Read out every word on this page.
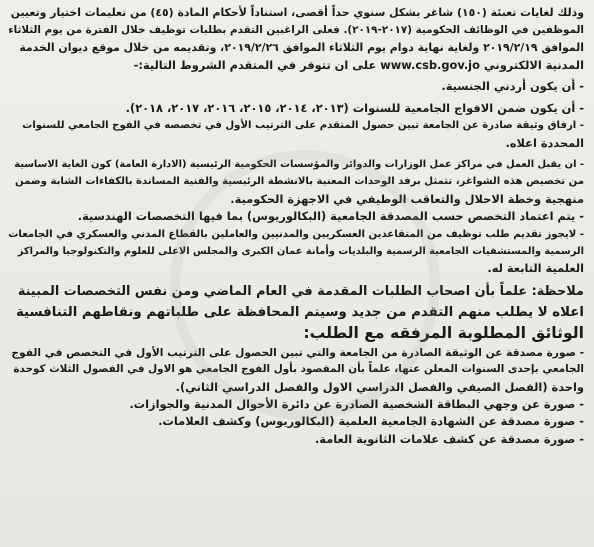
وذلك لغايات تعبئة (١٥٠) شاغر بشكل سنوي حداً أقصى، استناداً لأحكام المادة (٤٥) من تعليمات اختيار وتعيين
الموظفين في الوظائف الحكومية (٢٠١٧-٢٠١٩). فعلى الراغبين التقدم بطلبات توظيف خلال الفترة من يوم الثلاثاء
الموافق ٢٠١٩/٢/١٩ ولغاية نهاية دوام يوم الثلاثاء الموافق ٢٠١٩/٢/٢٦، وتقديمه من خلال موقع ديوان الخدمة
المدنية الالكتروني www.csb.gov.jo على ان تتوفر في المتقدم الشروط التالية:-
- أن يكون أردني الجنسية.
- أن يكون ضمن الافواج الجامعية للسنوات (٢٠١٣، ٢٠١٤، ٢٠١٥، ٢٠١٦، ٢٠١٧، ٢٠١٨).
- ارفاق وثيقة صادرة عن الجامعة تبين حصول المتقدم على الترتيب الأول في تخصصه في الفوج الجامعي للسنوات
المحددة اعلاه.
- ان يقبل العمل في مراكز عمل الوزارات والدوائر والمؤسسات الحكومية الرئيسية (الادارة العامة) كون الغاية الاساسية
من تخصيص هذه الشواغر، تتمثل برفد الوحدات المعنية بالانشطة الرئيسية والفنية المساندة بالكفاءات الشابة وضمن
منهجية وخطة الاحلال والتعاقب الوظيفي في الاجهزة الحكومية.
- يتم اعتماد التخصص حسب المصدقة الجامعية (البكالوريوس) بما فيها التخصصات الهندسية.
- لايجوز تقديم طلب توظيف من المتقاعدين العسكريين والمدنيين والعاملين بالقطاع المدني والعسكري في الجامعات
الرسمية والمستشفيات الجامعية الرسمية والبلديات وأمانة عمان الكبرى والمجلس الاعلى للعلوم والتكنولوجيا والمراكز
العلمية التابعة له.
ملاحظة: علماً بأن اصحاب الطلبات المقدمة في العام الماضي ومن نفس التخصصات المبينة
اعلاه لا يطلب منهم التقدم من جديد وسيتم المحافظة على طلباتهم ونقاطهم التنافسية
الوثائق المطلوبة المرفقه مع الطلب:
- صورة مصدقة عن الوثيقة الصادرة من الجامعة والتي تبين الحصول على الترتيب الأول في التخصص في الفوج
الجامعي بإحدى السنوات المعلن عنها، علماً بأن المقصود بأول الفوج الجامعي هو الاول في الفصول الثلاث كوحدة
واحدة (الفصل الصيفي والفصل الدراسي الاول والفصل الدراسي الثاني).
- صورة عن وجهي البطاقة الشخصية الصادرة عن دائرة الأحوال المدنية والجوازات.
- صورة مصدقة عن الشهادة الجامعية العلمية (البكالوريوس) وكشف العلامات.
- صورة مصدقة عن كشف علامات الثانوية العامة.
